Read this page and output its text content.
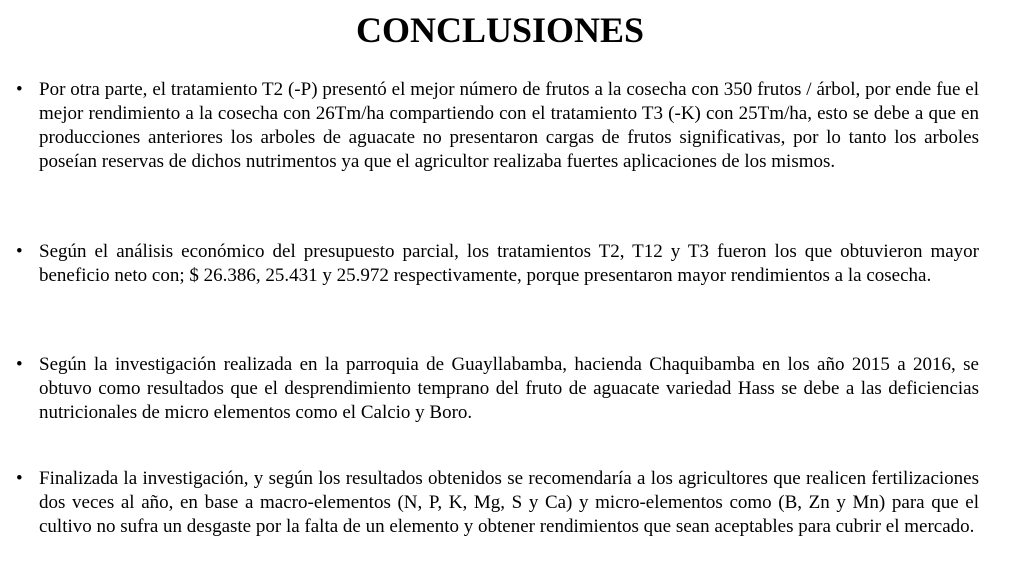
CONCLUSIONES
• Por otra parte, el tratamiento T2 (-P) presentó el mejor número de frutos a la cosecha con 350 frutos / árbol, por ende fue el mejor rendimiento a la cosecha con 26Tm/ha compartiendo con el tratamiento T3 (-K) con 25Tm/ha, esto se debe a que en producciones anteriores los arboles de aguacate no presentaron cargas de frutos significativas, por lo tanto los arboles poseían reservas de dichos nutrimentos ya que el agricultor realizaba fuertes aplicaciones de los mismos.

• Según el análisis económico del presupuesto parcial, los tratamientos T2, T12 y T3 fueron los que obtuvieron mayor beneficio neto con; $ 26.386, 25.431 y 25.972 respectivamente, porque presentaron mayor rendimientos a la cosecha.

• Según la investigación realizada en la parroquia de Guayllabamba, hacienda Chaquibamba en los año 2015 a 2016, se obtuvo como resultados que el desprendimiento temprano del fruto de aguacate variedad Hass se debe a las deficiencias nutricionales de micro elementos como el Calcio y Boro.

• Finalizada la investigación, y según los resultados obtenidos se recomendaría a los agricultores que realicen fertilizaciones dos veces al año, en base a macro-elementos (N, P, K, Mg, S y Ca) y micro-elementos como (B, Zn y Mn) para que el cultivo no sufra un desgaste por la falta de un elemento y obtener rendimientos que sean aceptables para cubrir el mercado.
